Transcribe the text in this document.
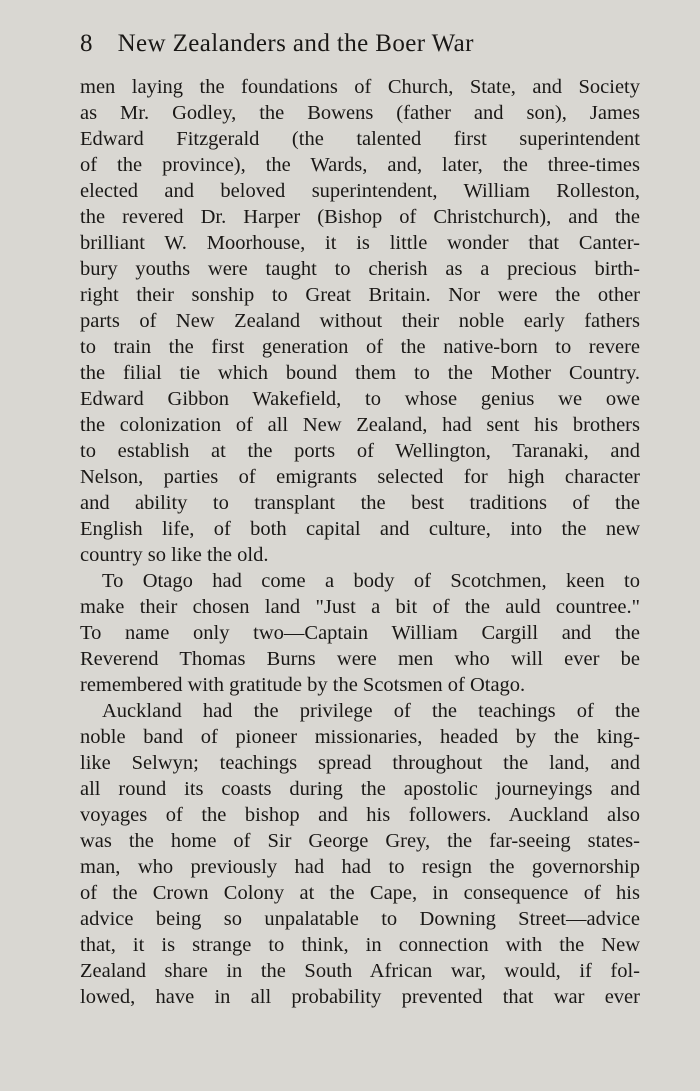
8 New Zealanders and the Boer War
men laying the foundations of Church, State, and Society
as Mr. Godley, the Bowens (father and son), James
Edward Fitzgerald (the talented first superintendent
of the province), the Wards, and, later, the three-times
elected and beloved superintendent, William Rolleston,
the revered Dr. Harper (Bishop of Christchurch), and the
brilliant W. Moorhouse, it is little wonder that Canter-
bury youths were taught to cherish as a precious birth-
right their sonship to Great Britain. Nor were the other
parts of New Zealand without their noble early fathers
to train the first generation of the native-born to revere
the filial tie which bound them to the Mother Country.
Edward Gibbon Wakefield, to whose genius we owe
the colonization of all New Zealand, had sent his brothers
to establish at the ports of Wellington, Taranaki, and
Nelson, parties of emigrants selected for high character
and ability to transplant the best traditions of the
English life, of both capital and culture, into the new
country so like the old.
To Otago had come a body of Scotchmen, keen to
make their chosen land "Just a bit of the auld countree."
To name only two—Captain William Cargill and the
Reverend Thomas Burns were men who will ever be
remembered with gratitude by the Scotsmen of Otago.
Auckland had the privilege of the teachings of the
noble band of pioneer missionaries, headed by the king-
like Selwyn; teachings spread throughout the land, and
all round its coasts during the apostolic journeyings and
voyages of the bishop and his followers. Auckland also
was the home of Sir George Grey, the far-seeing states-
man, who previously had had to resign the governorship
of the Crown Colony at the Cape, in consequence of his
advice being so unpalatable to Downing Street—advice
that, it is strange to think, in connection with the New
Zealand share in the South African war, would, if fol-
lowed, have in all probability prevented that war ever
